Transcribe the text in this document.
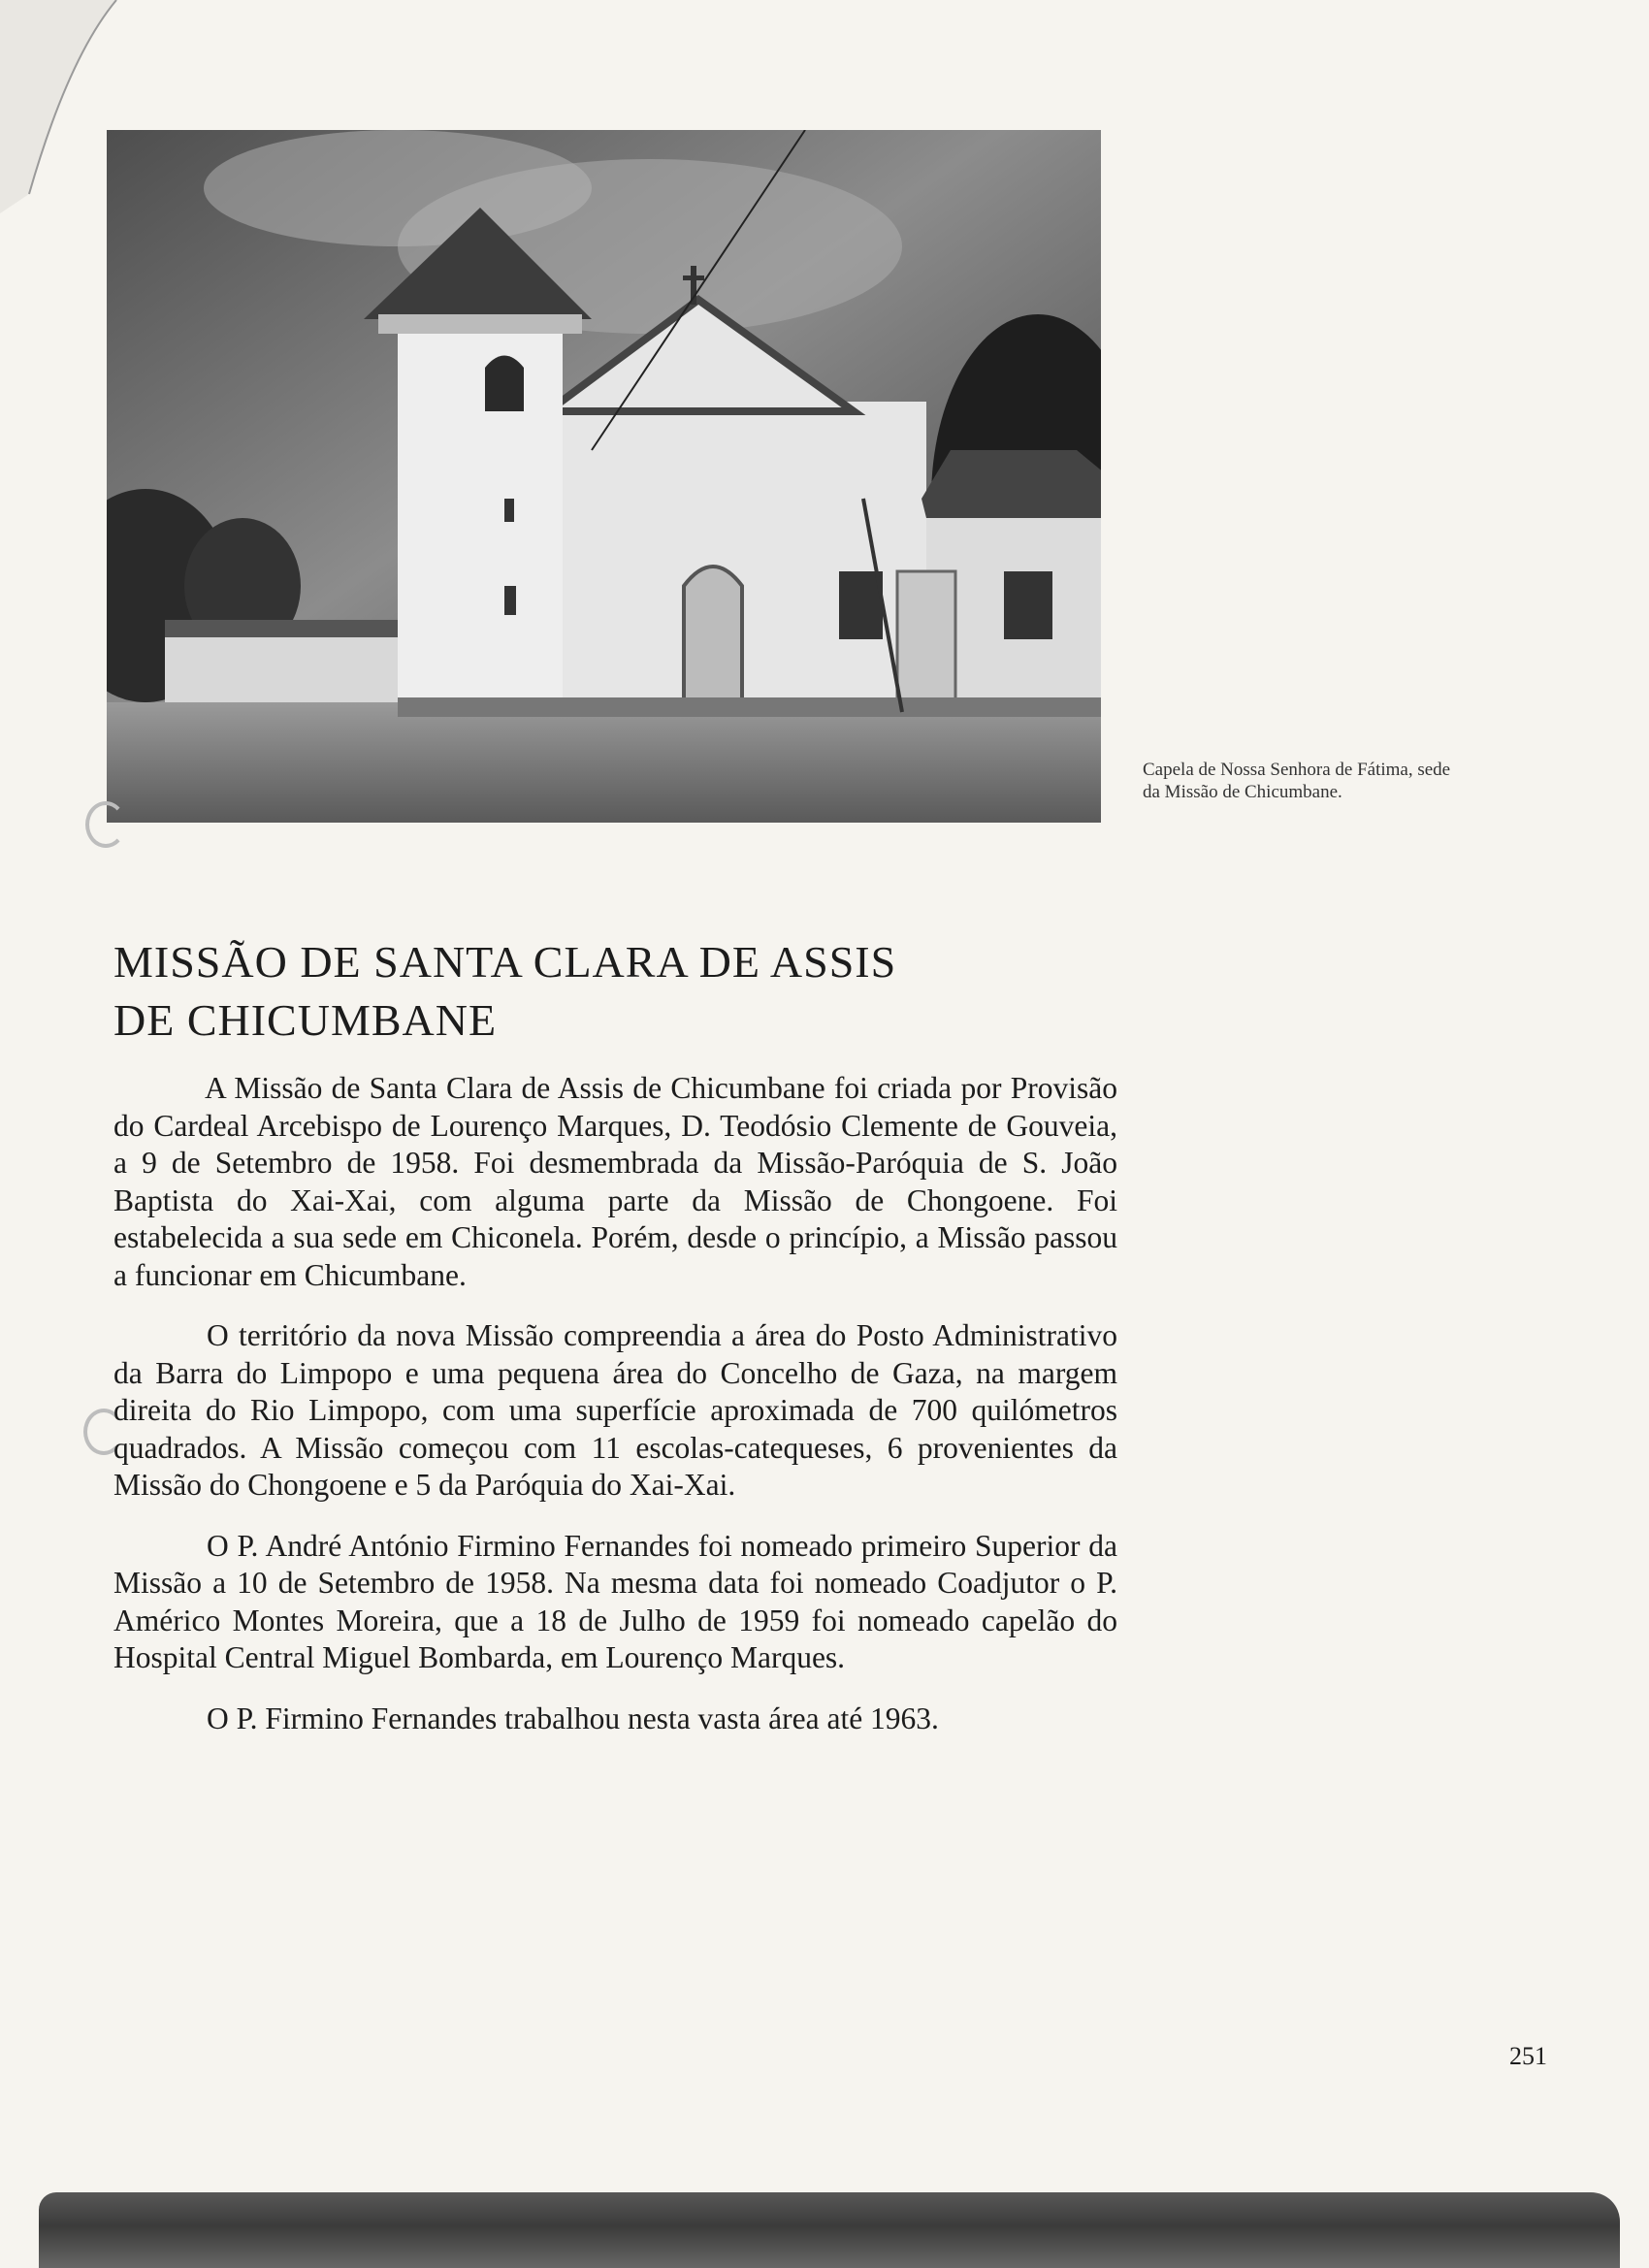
Capela de Nossa Senhora de Fátima, sede
da Missão de Chicumbane.
MISSÃO DE SANTA CLARA DE ASSIS
DE CHICUMBANE

A Missão de Santa Clara de Assis de Chicumbane foi criada por Provisão do Cardeal Arcebispo de Lourenço Marques, D. Teodósio Clemente de Gouveia, a 9 de Setembro de 1958. Foi desmembrada da Missão-Paróquia de S. João Baptista do Xai-Xai, com alguma parte da Missão de Chongoene. Foi estabelecida a sua sede em Chiconela. Porém, desde o princípio, a Missão passou a funcionar em Chicumbane.

O território da nova Missão compreendia a área do Posto Administrativo da Barra do Limpopo e uma pequena área do Concelho de Gaza, na margem direita do Rio Limpopo, com uma superfície aproximada de 700 quilómetros quadrados. A Missão começou com 11 escolas-catequeses, 6 provenientes da Missão do Chongoene e 5 da Paróquia do Xai-Xai.

O P. André António Firmino Fernandes foi nomeado primeiro Superior da Missão a 10 de Setembro de 1958. Na mesma data foi nomeado Coadjutor o P. Américo Montes Moreira, que a 18 de Julho de 1959 foi nomeado capelão do Hospital Central Miguel Bombarda, em Lourenço Marques.

O P. Firmino Fernandes trabalhou nesta vasta área até 1963.

251
